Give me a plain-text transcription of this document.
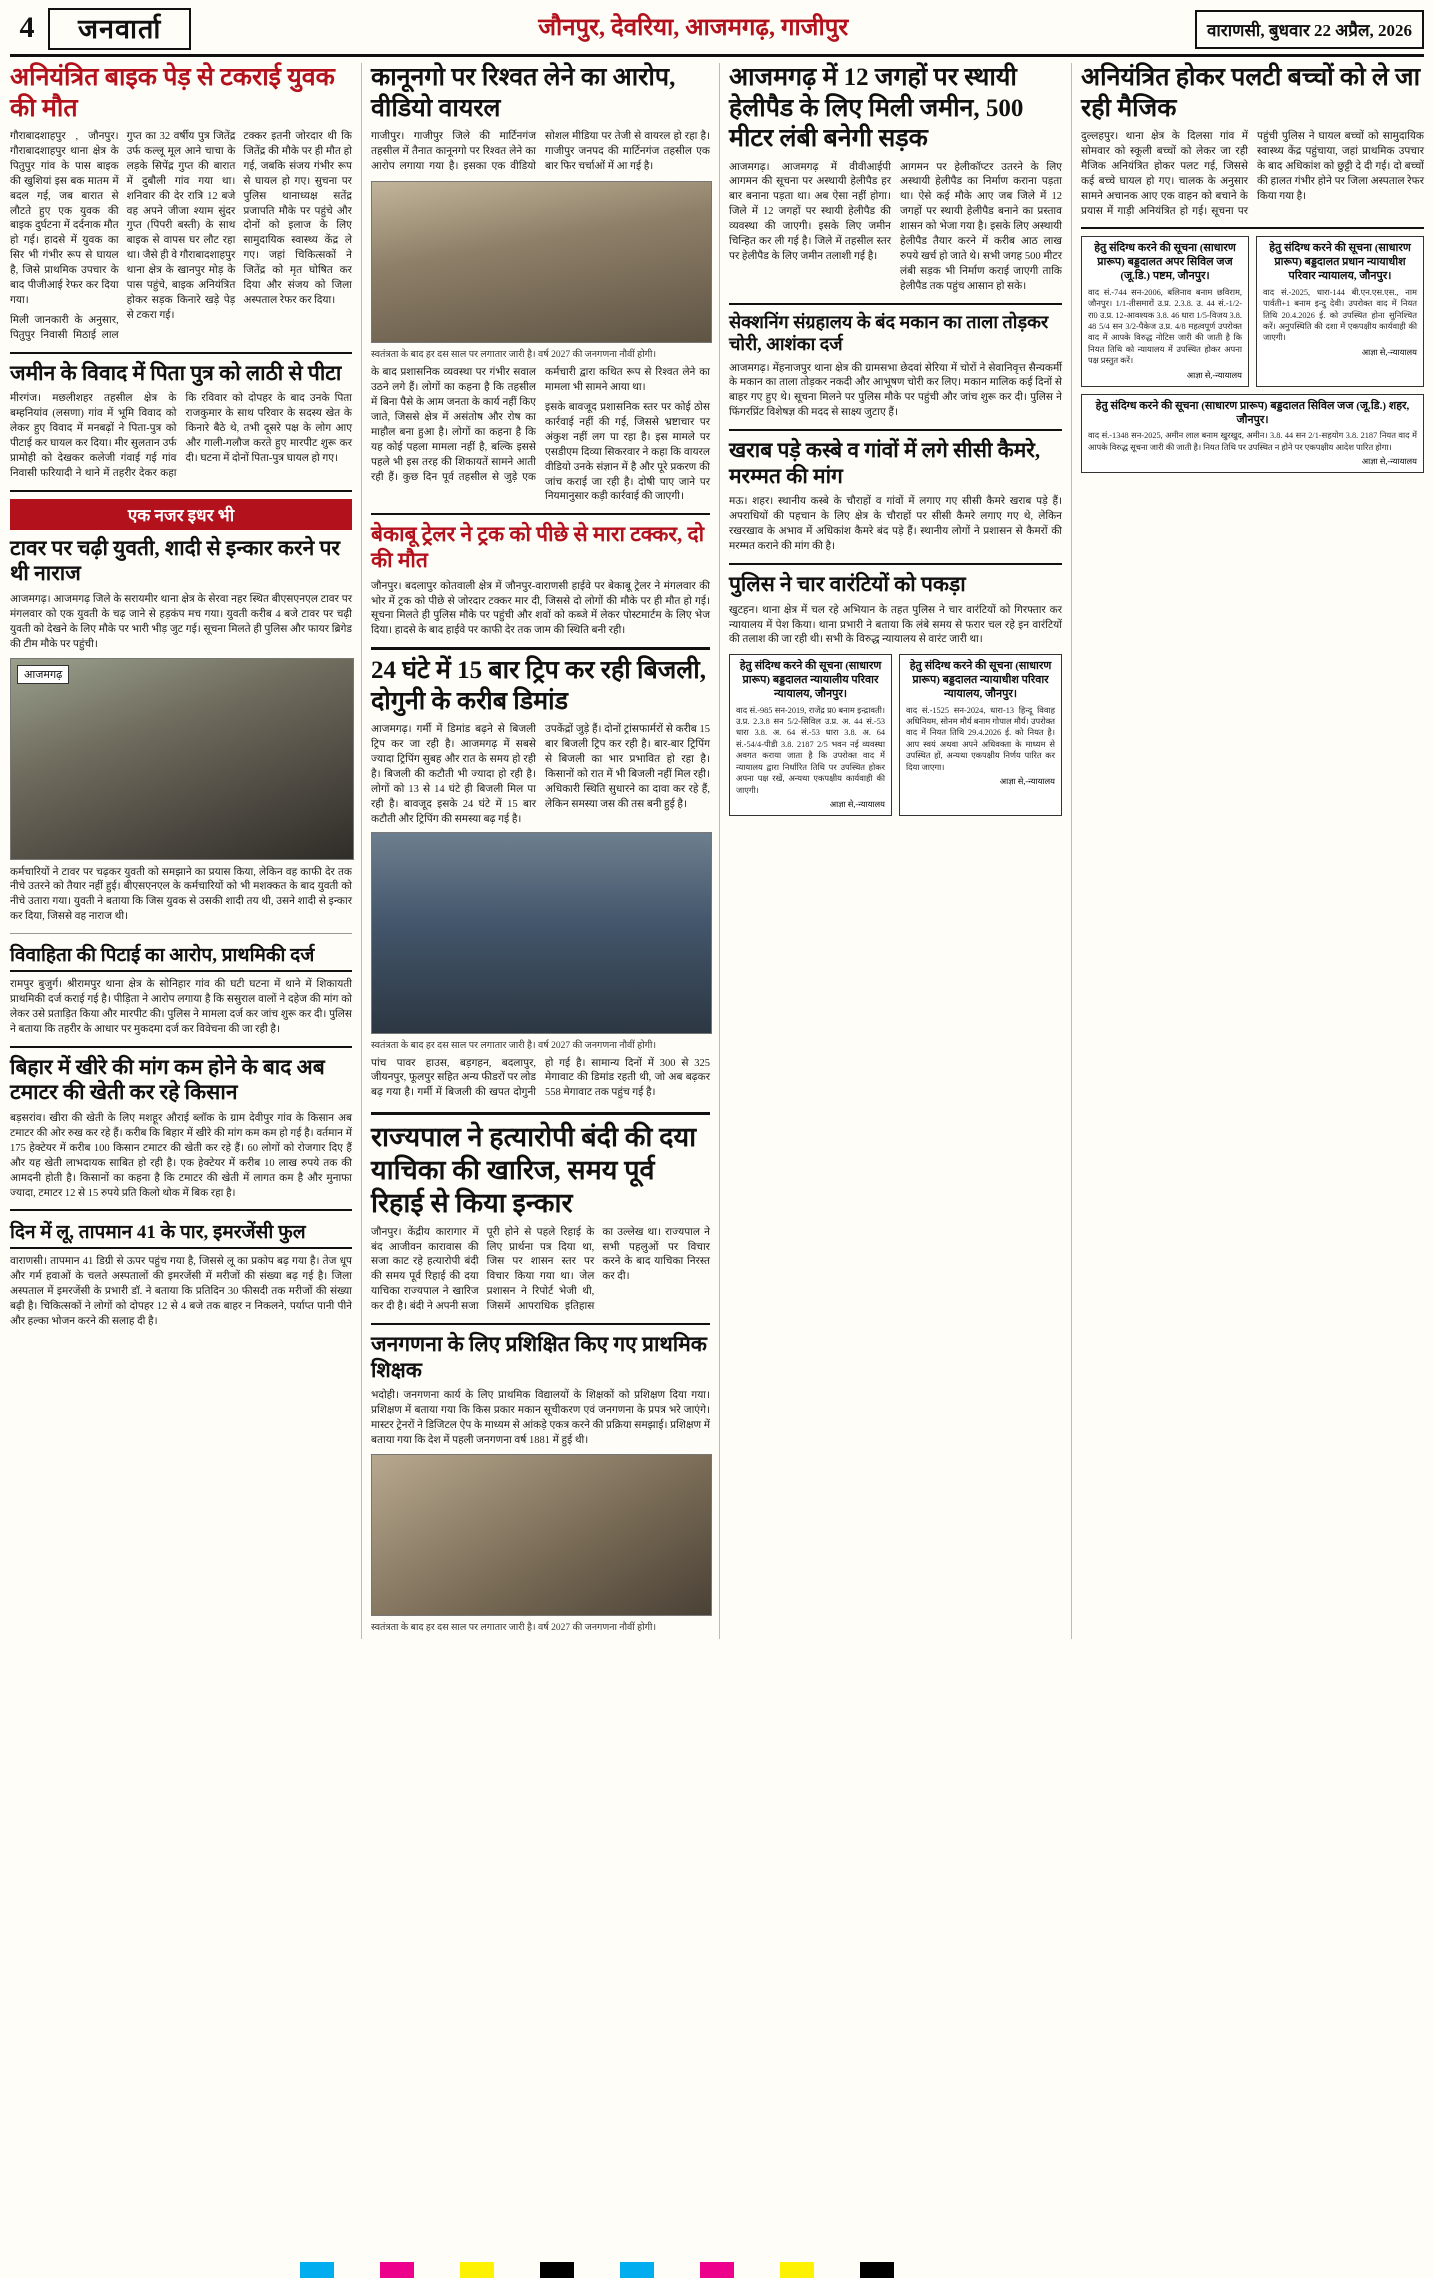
4	जनवार्ता	जौनपुर, देवरिया, आजमगढ़, गाजीपुर	वाराणसी, बुधवार 22 अप्रैल, 2026
अनियंत्रित बाइक पेड़ से टकराई युवक की मौत

गौराबादशाहपुर , जौनपुर। गौराबादशाहपुर थाना क्षेत्र के पितुपुर गांव के पास बाइक की खुशियां इस बक मातम में बदल गई, जब बारात से लौटते हुए एक युवक की बाइक दुर्घटना में दर्दनाक मौत हो गई। हादसे में युवक का सिर भी गंभीर रूप से घायल है, जिसे प्राथमिक उपचार के बाद पीजीआई रेफर कर दिया गया।

मिली जानकारी के अनुसार, पितुपुर निवासी मिठाई लाल गुप्त का 32 वर्षीय पुत्र जितेंद्र उर्फ कल्लू मूल आने चाचा के लड़के सिपेंद्र गुप्त की बारात में दुबौली गांव गया था। शनिवार की देर रात्रि 12 बजे वह अपने जीजा श्याम सुंदर गुप्त (पिपरी बस्ती) के साथ बाइक से वापस घर लौट रहा था। जैसे ही वे गौराबादशाहपुर थाना क्षेत्र के खानपुर मोड़ के पास पहुंचे, बाइक अनियंत्रित होकर सड़क किनारे खड़े पेड़ से टकरा गई।

टक्कर इतनी जोरदार थी कि जितेंद्र की मौके पर ही मौत हो गई, जबकि संजय गंभीर रूप से घायल हो गए। सुचना पर पुलिस थानाध्यक्ष सतेंद्र प्रजापति मौके पर पहुंचे और दोनों को इलाज के लिए सामुदायिक स्वास्थ्य केंद्र ले गए। जहां चिकित्सकों ने जितेंद्र को मृत घोषित कर दिया और संजय को जिला अस्पताल रेफर कर दिया।

जमीन के विवाद में पिता पुत्र को लाठी से पीटा

मीरगंज। मछलीशहर तहसील क्षेत्र के बम्हनियांव (लसणा) गांव में भूमि विवाद को लेकर हुए विवाद में मनबढ़ों ने पिता-पुत्र को पीटाई कर घायल कर दिया। मीर सुलतान उर्फ प्रामोही को देखकर कलेजी गंवाई गई गांव निवासी फरियादी ने थाने में तहरीर देकर कहा कि रविवार को दोपहर के बाद उनके पिता राजकुमार के साथ परिवार के सदस्य खेत के किनारे बैठे थे, तभी दूसरे पक्ष के लोग आए और गाली-गलौज करते हुए मारपीट शुरू कर दी। घटना में दोनों पिता-पुत्र घायल हो गए।

एक नजर इधर भी
टावर पर चढ़ी युवती, शादी से इन्कार करने पर थी नाराज

आजमगढ़। आजमगढ़ जिले के सरायमीर थाना क्षेत्र के सेरवा नहर स्थित बीएसएनएल टावर पर मंगलवार को एक युवती के चढ़ जाने से हड़कंप मच गया। युवती करीब 4 बजे टावर पर चढ़ी युवती को देखने के लिए मौके पर भारी भीड़ जुट गई। सूचना मिलते ही पुलिस और फायर ब्रिगेड की टीम मौके पर पहुंची।

आजमगढ़

कर्मचारियों ने टावर पर चढ़कर युवती को समझाने का प्रयास किया, लेकिन वह काफी देर तक नीचे उतरने को तैयार नहीं हुई। बीएसएनएल के कर्मचारियों को भी मशक्कत के बाद युवती को नीचे उतारा गया। युवती ने बताया कि जिस युवक से उसकी शादी तय थी, उसने शादी से इन्कार कर दिया, जिससे वह नाराज थी।

विवाहिता की पिटाई का आरोप, प्राथमिकी दर्ज

रामपुर बुजुर्ग। श्रीरामपुर थाना क्षेत्र के सोनिहार गांव की घटी घटना में थाने में शिकायती प्राथमिकी दर्ज कराई गई है। पीड़िता ने आरोप लगाया है कि ससुराल वालों ने दहेज की मांग को लेकर उसे प्रताड़ित किया और मारपीट की। पुलिस ने मामला दर्ज कर जांच शुरू कर दी। पुलिस ने बताया कि तहरीर के आधार पर मुकदमा दर्ज कर विवेचना की जा रही है।

बिहार में खीरे की मांग कम होने के बाद अब टमाटर की खेती कर रहे किसान

बड़सरांव। खीरा की खेती के लिए मशहूर औराई ब्लॉक के ग्राम देवीपुर गांव के किसान अब टमाटर की ओर रुख कर रहे हैं। करीब कि बिहार में खीरे की मांग कम कम हो गई है। वर्तमान में 175 हेक्टेयर में करीब 100 किसान टमाटर की खेती कर रहे हैं। 60 लोगों को रोजगार दिए हैं और यह खेती लाभदायक साबित हो रही है। एक हेक्टेयर में करीब 10 लाख रुपये तक की आमदनी होती है। किसानों का कहना है कि टमाटर की खेती में लागत कम है और मुनाफा ज्यादा, टमाटर 12 से 15 रुपये प्रति किलो थोक में बिक रहा है।

दिन में लू, तापमान 41 के पार, इमरजेंसी फुल

वाराणसी। तापमान 41 डिग्री से ऊपर पहुंच गया है, जिससे लू का प्रकोप बढ़ गया है। तेज धूप और गर्म हवाओं के चलते अस्पतालों की इमरजेंसी में मरीजों की संख्या बढ़ गई है। जिला अस्पताल में इमरजेंसी के प्रभारी डॉ. ने बताया कि प्रतिदिन 30 फीसदी तक मरीजों की संख्या बढ़ी है। चिकित्सकों ने लोगों को दोपहर 12 से 4 बजे तक बाहर न निकलने, पर्याप्त पानी पीने और हल्का भोजन करने की सलाह दी है।

कानूनगो पर रिश्वत लेने का आरोप, वीडियो वायरल

गाजीपुर। गाजीपुर जिले की मार्टिनगंज तहसील में तैनात कानूनगो पर रिश्वत लेने का आरोप लगाया गया है। इसका एक वीडियो सोशल मीडिया पर तेजी से वायरल हो रहा है। गाजीपुर जनपद की मार्टिनगंज तहसील एक बार फिर चर्चाओं में आ गई है।

स्वतंत्रता के बाद हर दस साल पर लगातार जारी है। वर्ष 2027 की जनगणना नौवीं होगी।

के बाद प्रशासनिक व्यवस्था पर गंभीर सवाल उठने लगे हैं। लोगों का कहना है कि तहसील में बिना पैसे के आम जनता के कार्य नहीं किए जाते, जिससे क्षेत्र में असंतोष और रोष का माहौल बना हुआ है। लोगों का कहना है कि यह कोई पहला मामला नहीं है, बल्कि इससे पहले भी इस तरह की शिकायतें सामने आती रही हैं। कुछ दिन पूर्व तहसील से जुड़े एक कर्मचारी द्वारा कथित रूप से रिश्वत लेने का मामला भी सामने आया था।

इसके बावजूद प्रशासनिक स्तर पर कोई ठोस कार्रवाई नहीं की गई, जिससे भ्रष्टाचार पर अंकुश नहीं लग पा रहा है। इस मामले पर एसडीएम दिव्या सिकरवार ने कहा कि वायरल वीडियो उनके संज्ञान में है और पूरे प्रकरण की जांच कराई जा रही है। दोषी पाए जाने पर नियमानुसार कड़ी कार्रवाई की जाएगी।

बेकाबू ट्रेलर ने ट्रक को पीछे से मारा टक्कर, दो की मौत

जौनपुर। बदलापुर कोतवाली क्षेत्र में जौनपुर-वाराणसी हाईवे पर बेकाबू ट्रेलर ने मंगलवार की भोर में ट्रक को पीछे से जोरदार टक्कर मार दी, जिससे दो लोगों की मौके पर ही मौत हो गई। सूचना मिलते ही पुलिस मौके पर पहुंची और शवों को कब्जे में लेकर पोस्टमार्टम के लिए भेज दिया। हादसे के बाद हाईवे पर काफी देर तक जाम की स्थिति बनी रही।

24 घंटे में 15 बार ट्रिप कर रही बिजली, दोगुनी के करीब डिमांड

आजमगढ़। गर्मी में डिमांड बढ़ने से बिजली ट्रिप कर जा रही है। आजमगढ़ में सबसे ज्यादा ट्रिपिंग सुबह और रात के समय हो रही है। बिजली की कटौती भी ज्यादा हो रही है। लोगों को 13 से 14 घंटे ही बिजली मिल पा रही है। बावजूद इसके 24 घंटे में 15 बार कटौती और ट्रिपिंग की समस्या बढ़ गई है।

उपकेंद्रों जुड़े हैं। दोनों ट्रांसफार्मरों से करीब 15 बार बिजली ट्रिप कर रही है। बार-बार ट्रिपिंग से बिजली का भार प्रभावित हो रहा है। किसानों को रात में भी बिजली नहीं मिल रही। अधिकारी स्थिति सुधारने का दावा कर रहे हैं, लेकिन समस्या जस की तस बनी हुई है।

स्वतंत्रता के बाद हर दस साल पर लगातार जारी है। वर्ष 2027 की जनगणना नौवीं होगी।

पांच पावर हाउस, बड़गहन, बदलापुर, जीयनपुर, फूलपुर सहित अन्य फीडरों पर लोड बढ़ गया है। गर्मी में बिजली की खपत दोगुनी हो गई है। सामान्य दिनों में 300 से 325 मेगावाट की डिमांड रहती थी, जो अब बढ़कर 558 मेगावाट तक पहुंच गई है।

राज्यपाल ने हत्यारोपी बंदी की दया याचिका की खारिज, समय पूर्व रिहाई से किया इन्कार

जौनपुर। केंद्रीय कारागार में बंद आजीवन कारावास की सजा काट रहे हत्यारोपी बंदी की समय पूर्व रिहाई की दया याचिका राज्यपाल ने खारिज कर दी है। बंदी ने अपनी सजा पूरी होने से पहले रिहाई के लिए प्रार्थना पत्र दिया था, जिस पर शासन स्तर पर विचार किया गया था। जेल प्रशासन ने रिपोर्ट भेजी थी, जिसमें आपराधिक इतिहास का उल्लेख था। राज्यपाल ने सभी पहलुओं पर विचार करने के बाद याचिका निरस्त कर दी।

जनगणना के लिए प्रशिक्षित किए गए प्राथमिक शिक्षक

भदोही। जनगणना कार्य के लिए प्राथमिक विद्यालयों के शिक्षकों को प्रशिक्षण दिया गया। प्रशिक्षण में बताया गया कि किस प्रकार मकान सूचीकरण एवं जनगणना के प्रपत्र भरे जाएंगे। मास्टर ट्रेनरों ने डिजिटल ऐप के माध्यम से आंकड़े एकत्र करने की प्रक्रिया समझाई। प्रशिक्षण में बताया गया कि देश में पहली जनगणना वर्ष 1881 में हुई थी।

स्वतंत्रता के बाद हर दस साल पर लगातार जारी है। वर्ष 2027 की जनगणना नौवीं होगी।
आजमगढ़ में 12 जगहों पर स्थायी हेलीपैड के लिए मिली जमीन, 500 मीटर लंबी बनेगी सड़क

आजमगढ़। आजमगढ़ में वीवीआईपी आगमन की सूचना पर अस्थायी हेलीपैड हर बार बनाना पड़ता था। अब ऐसा नहीं होगा। जिले में 12 जगहों पर स्थायी हेलीपैड की व्यवस्था की जाएगी। इसके लिए जमीन चिन्हित कर ली गई है। जिले में तहसील स्तर पर हेलीपैड के लिए जमीन तलाशी गई है।

आगमन पर हेलीकॉप्टर उतरने के लिए अस्थायी हेलीपैड का निर्माण कराना पड़ता था। ऐसे कई मौके आए जब जिले में 12 जगहों पर स्थायी हेलीपैड बनाने का प्रस्ताव शासन को भेजा गया है। इसके लिए अस्थायी हेलीपैड तैयार करने में करीब आठ लाख रुपये खर्च हो जाते थे। सभी जगह 500 मीटर लंबी सड़क भी निर्माण कराई जाएगी ताकि हेलीपैड तक पहुंच आसान हो सके।

सेक्शनिंग संग्रहालय के बंद मकान का ताला तोड़कर चोरी, आशंका दर्ज

आजमगढ़। मेंहनाजपुर थाना क्षेत्र की ग्रामसभा छेदवां सेरिया में चोरों ने सेवानिवृत्त सैन्यकर्मी के मकान का ताला तोड़कर नकदी और आभूषण चोरी कर लिए। मकान मालिक कई दिनों से बाहर गए हुए थे। सूचना मिलने पर पुलिस मौके पर पहुंची और जांच शुरू कर दी। पुलिस ने फिंगरप्रिंट विशेषज्ञ की मदद से साक्ष्य जुटाए हैं।

खराब पड़े कस्बे व गांवों में लगे सीसी कैमरे, मरम्मत की मांग

मऊ। शहर। स्थानीय कस्बे के चौराहों व गांवों में लगाए गए सीसी कैमरे खराब पड़े हैं। अपराधियों की पहचान के लिए क्षेत्र के चौराहों पर सीसी कैमरे लगाए गए थे, लेकिन रखरखाव के अभाव में अधिकांश कैमरे बंद पड़े हैं। स्थानीय लोगों ने प्रशासन से कैमरों की मरम्मत कराने की मांग की है।

पुलिस ने चार वारंटियों को पकड़ा

खुटहन। थाना क्षेत्र में चल रहे अभियान के तहत पुलिस ने चार वारंटियों को गिरफ्तार कर न्यायालय में पेश किया। थाना प्रभारी ने बताया कि लंबे समय से फरार चल रहे इन वारंटियों की तलाश की जा रही थी। सभी के विरुद्ध न्यायालय से वारंट जारी था।

हेतु संदिग्ध करने की सूचना (साधारण प्रारूप) बड्डदालत न्यायालीय परिवार न्यायालय, जौनपुर।

वाद सं.-985 सन-2019, राजेंद्र प्र0 बनाम इन्द्रावती। उ.प्र. 2.3.8 सन 5/2-सिविल उ.प्र. अ. 44 सं.-53 धारा 3.8. अ. 64 सं.-53 धारा 3.8. अ. 64 सं.-54/4-पीडी 3.8. 2187 2/5 भवन नई व्यवस्था अवगत कराया जाता है कि उपरोक्त वाद में न्यायालय द्वारा निर्धारित तिथि पर उपस्थित होकर अपना पक्ष रखें, अन्यथा एकपक्षीय कार्यवाही की जाएगी।

आज्ञा से,-न्यायालय
हेतु संदिग्ध करने की सूचना (साधारण प्रारूप) बड्डदालत न्यायाधीश परिवार न्यायालय, जौनपुर।

वाद सं.-1525 सन-2024, धारा-13 हिन्दू विवाह अधिनियम, सोनम मौर्य बनाम गोपाल मौर्य। उपरोक्त वाद में नियत तिथि 29.4.2026 ई. को नियत है। आप स्वयं अथवा अपने अधिवक्ता के माध्यम से उपस्थित हों, अन्यथा एकपक्षीय निर्णय पारित कर दिया जाएगा।

आज्ञा से,-न्यायालय
अनियंत्रित होकर पलटी बच्चों को ले जा रही मैजिक

दुल्लहपुर। थाना क्षेत्र के दिलसा गांव में सोमवार को स्कूली बच्चों को लेकर जा रही मैजिक अनियंत्रित होकर पलट गई, जिससे कई बच्चे घायल हो गए। चालक के अनुसार सामने अचानक आए एक वाहन को बचाने के प्रयास में गाड़ी अनियंत्रित हो गई। सूचना पर पहुंची पुलिस ने घायल बच्चों को सामुदायिक स्वास्थ्य केंद्र पहुंचाया, जहां प्राथमिक उपचार के बाद अधिकांश को छुट्टी दे दी गई। दो बच्चों की हालत गंभीर होने पर जिला अस्पताल रेफर किया गया है।

हेतु संदिग्ध करने की सूचना (साधारण प्रारूप) बड्डदालत अपर सिविल जज (जू.डि.) पष्टम, जौनपुर।

वाद सं.-744 सन-2006, बलिनाव बनाम छविराम, जौनपुर। 1/1-तीसमारों उ.प्र. 2.3.8. उ. 44 सं.-1/2-रा0 उ.प्र. 12-आवश्यक 3.8. 46 धारा 1/5-विजय 3.8. 48 5/4 सन 3/2-पैकेज उ.प्र. 4/8 महत्वपूर्ण उपरोक्त वाद में आपके विरुद्ध नोटिस जारी की जाती है कि नियत तिथि को न्यायालय में उपस्थित होकर अपना पक्ष प्रस्तुत करें।

आज्ञा से,-न्यायालय
हेतु संदिग्ध करने की सूचना (साधारण प्रारूप) बड्डदालत प्रधान न्यायाधीश परिवार न्यायालय, जौनपुर।

वाद सं.-2025, धारा-144 बी.एन.एस.एस., नाम पार्वती+1 बनाम इन्दु देवी। उपरोक्त वाद में नियत तिथि 20.4.2026 ई. को उपस्थित होना सुनिश्चित करें। अनुपस्थिति की दशा में एकपक्षीय कार्यवाही की जाएगी।

आज्ञा से,-न्यायालय
हेतु संदिग्ध करने की सूचना (साधारण प्रारूप) बड्डदालत सिविल जज (जू.डि.) शहर, जौनपुर।

वाद सं.-1348 सन-2025, अमीन लाल बनाम खुरखुद, अमीन। 3.8. 44 सन 2/1-सहयोग 3.8. 2187 नियत वाद में आपके विरुद्ध सूचना जारी की जाती है। नियत तिथि पर उपस्थित न होने पर एकपक्षीय आदेश पारित होगा।

आज्ञा से,-न्यायालय
